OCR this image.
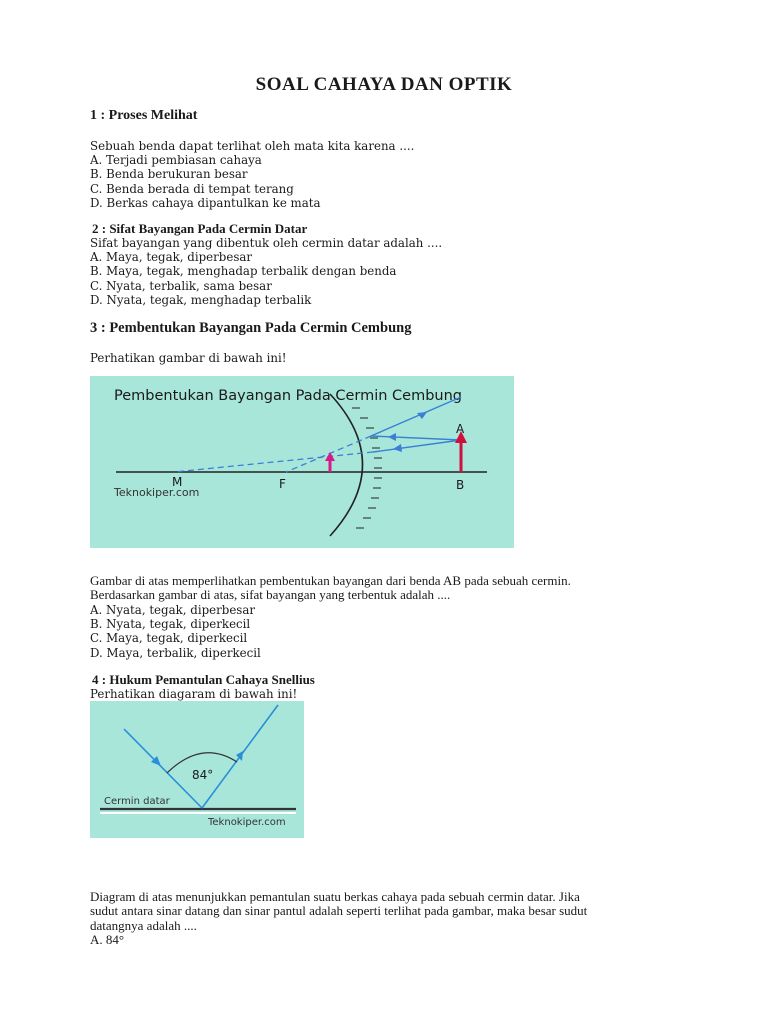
SOAL CAHAYA DAN OPTIK
1 : Proses Melihat
Sebuah benda dapat terlihat oleh mata kita karena ....
A. Terjadi pembiasan cahaya
B. Benda berukuran besar
C. Benda berada di tempat terang
D. Berkas cahaya dipantulkan ke mata
2 : Sifat Bayangan Pada Cermin Datar
Sifat bayangan yang dibentuk oleh cermin datar adalah ....
A. Maya, tegak, diperbesar
B. Maya, tegak, menghadap terbalik dengan benda
C. Nyata, terbalik, sama besar
D. Nyata, tegak, menghadap terbalik
3 : Pembentukan Bayangan Pada Cermin Cembung
Perhatikan gambar di bawah ini!
Pembentukan Bayangan Pada Cermin Cembung
A
M	F	B
Teknokiper.com
Gambar di atas memperlihatkan pembentukan bayangan dari benda AB pada sebuah cermin.
Berdasarkan gambar di atas, sifat bayangan yang terbentuk adalah ....
A. Nyata, tegak, diperbesar
B. Nyata, tegak, diperkecil
C. Maya, tegak, diperkecil
D. Maya, terbalik, diperkecil
4 : Hukum Pemantulan Cahaya Snellius
Perhatikan diagaram di bawah ini!
84°
Cermin datar
Teknokiper.com
Diagram di atas menunjukkan pemantulan suatu berkas cahaya pada sebuah cermin datar. Jika
sudut antara sinar datang dan sinar pantul adalah seperti terlihat pada gambar, maka besar sudut
datangnya adalah ....
A. 84°
